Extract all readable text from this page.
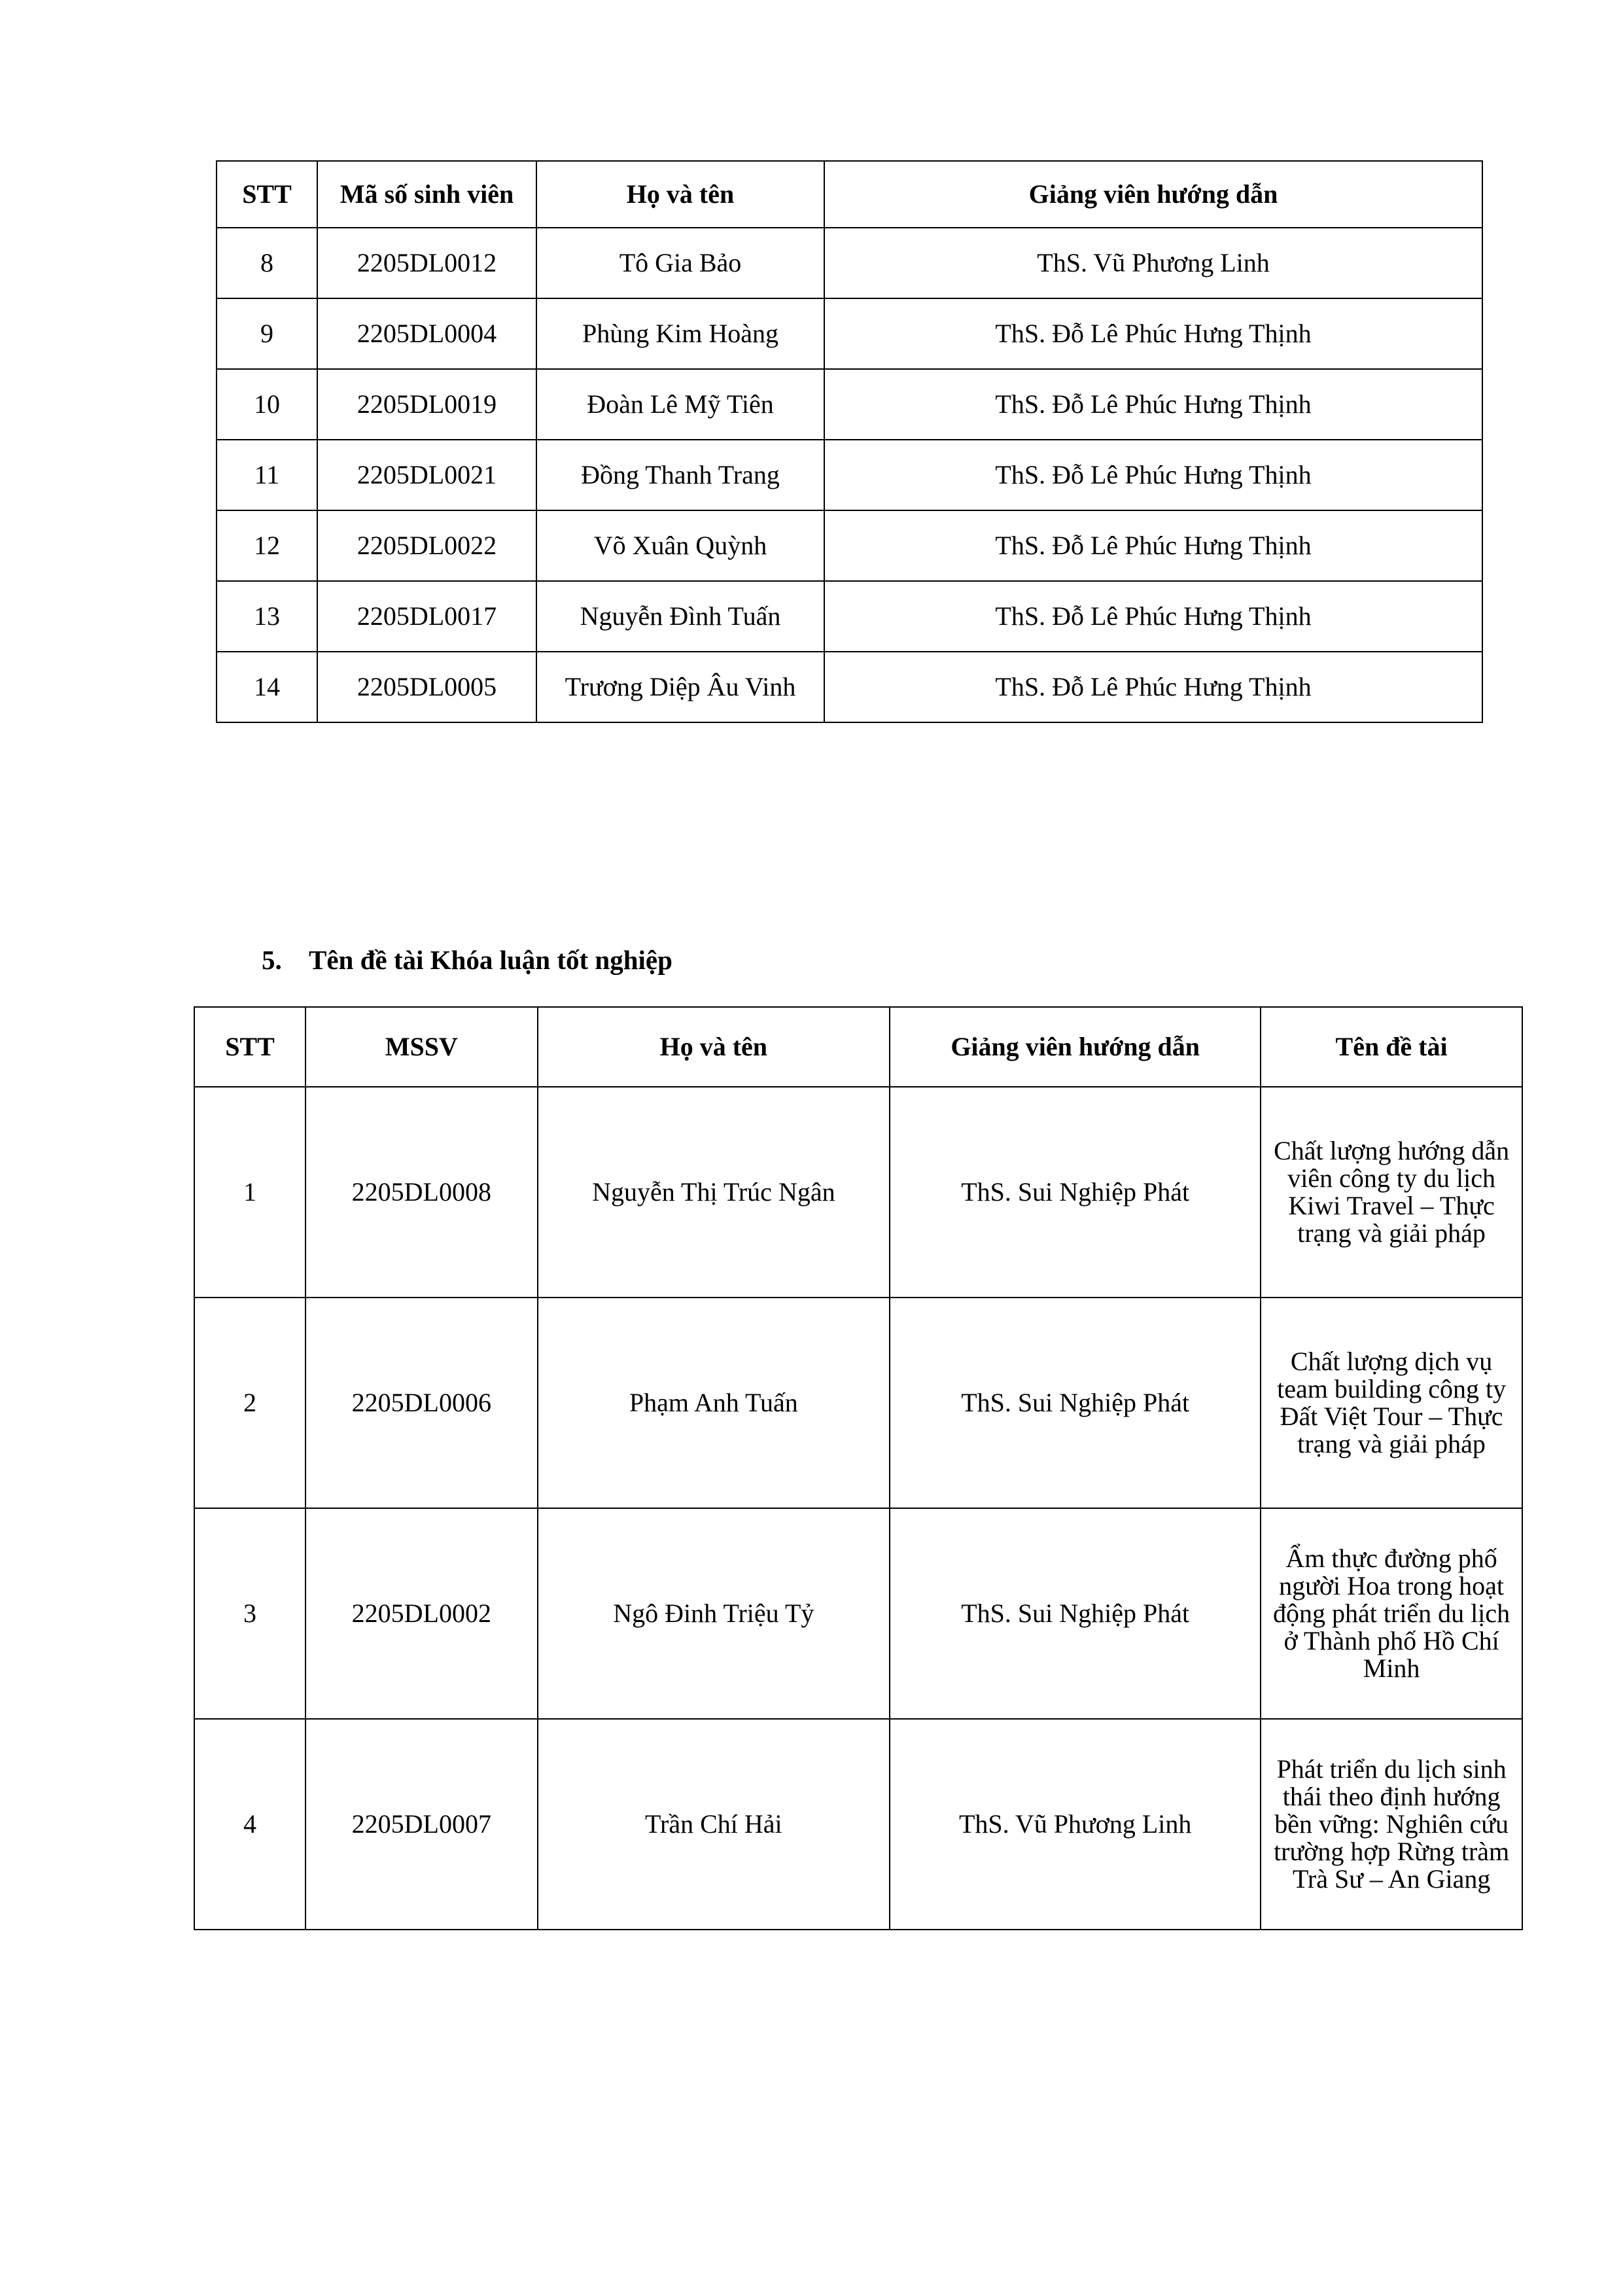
STT	Mã số sinh viên	Họ và tên	Giảng viên hướng dẫn
8	2205DL0012	Tô Gia Bảo	ThS. Vũ Phương Linh
9	2205DL0004	Phùng Kim Hoàng	ThS. Đỗ Lê Phúc Hưng Thịnh
10	2205DL0019	Đoàn Lê Mỹ Tiên	ThS. Đỗ Lê Phúc Hưng Thịnh
11	2205DL0021	Đồng Thanh Trang	ThS. Đỗ Lê Phúc Hưng Thịnh
12	2205DL0022	Võ Xuân Quỳnh	ThS. Đỗ Lê Phúc Hưng Thịnh
13	2205DL0017	Nguyễn Đình Tuấn	ThS. Đỗ Lê Phúc Hưng Thịnh
14	2205DL0005	Trương Diệp Âu Vinh	ThS. Đỗ Lê Phúc Hưng Thịnh
5. Tên đề tài Khóa luận tốt nghiệp
STT	MSSV	Họ và tên	Giảng viên hướng dẫn	Tên đề tài
1	2205DL0008	Nguyễn Thị Trúc Ngân	ThS. Sui Nghiệp Phát	Chất lượng hướng dẫn viên công ty du lịch Kiwi Travel – Thực trạng và giải pháp
2	2205DL0006	Phạm Anh Tuấn	ThS. Sui Nghiệp Phát	Chất lượng dịch vụ team building công ty Đất Việt Tour – Thực trạng và giải pháp
3	2205DL0002	Ngô Đinh Triệu Tỷ	ThS. Sui Nghiệp Phát	Ẩm thực đường phố người Hoa trong hoạt động phát triển du lịch ở Thành phố Hồ Chí Minh
4	2205DL0007	Trần Chí Hải	ThS. Vũ Phương Linh	Phát triển du lịch sinh thái theo định hướng bền vững: Nghiên cứu trường hợp Rừng tràm Trà Sư – An Giang
